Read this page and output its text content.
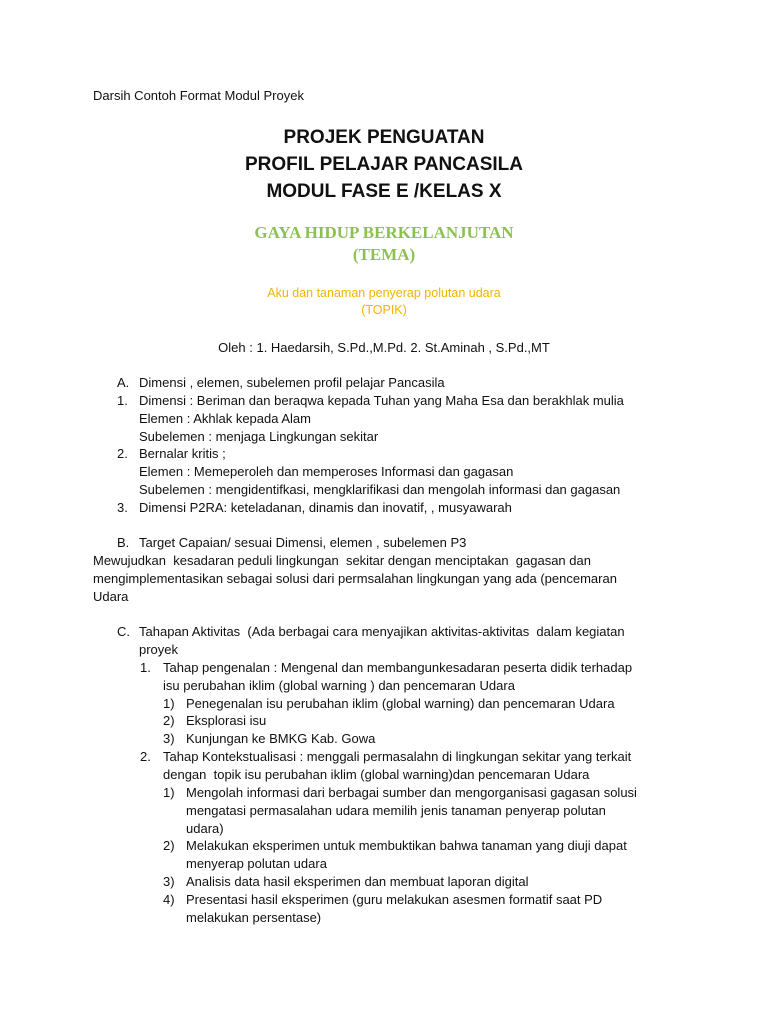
Darsih Contoh Format Modul Proyek
PROJEK PENGUATAN
PROFIL PELAJAR PANCASILA
MODUL FASE E /KELAS X
GAYA HIDUP BERKELANJUTAN
(TEMA)
Aku dan tanaman penyerap polutan udara
(TOPIK)
Oleh : 1. Haedarsih, S.Pd.,M.Pd. 2. St.Aminah , S.Pd.,MT
A. Dimensi , elemen, subelemen profil pelajar Pancasila
1. Dimensi : Beriman dan beraqwa kepada Tuhan yang Maha Esa dan berakhlak mulia
Elemen : Akhlak kepada Alam
Subelemen : menjaga Lingkungan sekitar
2. Bernalar kritis ;
Elemen : Memeperoleh dan memperoses Informasi dan gagasan
Subelemen : mengidentifkasi, mengklarifikasi dan mengolah informasi dan gagasan
3. Dimensi P2RA: keteladanan, dinamis dan inovatif, , musyawarah
B. Target Capaian/ sesuai Dimensi, elemen , subelemen P3
Mewujudkan  kesadaran peduli lingkungan  sekitar dengan menciptakan  gagasan dan
mengimplementasikan sebagai solusi dari permsalahan lingkungan yang ada (pencemaran
Udara
C. Tahapan Aktivitas  (Ada berbagai cara menyajikan aktivitas-aktivitas  dalam kegiatan
proyek
1. Tahap pengenalan : Mengenal dan membangunkesadaran peserta didik terhadap
isu perubahan iklim (global warning ) dan pencemaran Udara
1) Penegenalan isu perubahan iklim (global warning) dan pencemaran Udara
2) Eksplorasi isu
3) Kunjungan ke BMKG Kab. Gowa
2. Tahap Kontekstualisasi : menggali permasalahn di lingkungan sekitar yang terkait
dengan  topik isu perubahan iklim (global warning)dan pencemaran Udara
1) Mengolah informasi dari berbagai sumber dan mengorganisasi gagasan solusi
mengatasi permasalahan udara memilih jenis tanaman penyerap polutan
udara)
2) Melakukan eksperimen untuk membuktikan bahwa tanaman yang diuji dapat
menyerap polutan udara
3) Analisis data hasil eksperimen dan membuat laporan digital
4) Presentasi hasil eksperimen (guru melakukan asesmen formatif saat PD
melakukan persentase)
